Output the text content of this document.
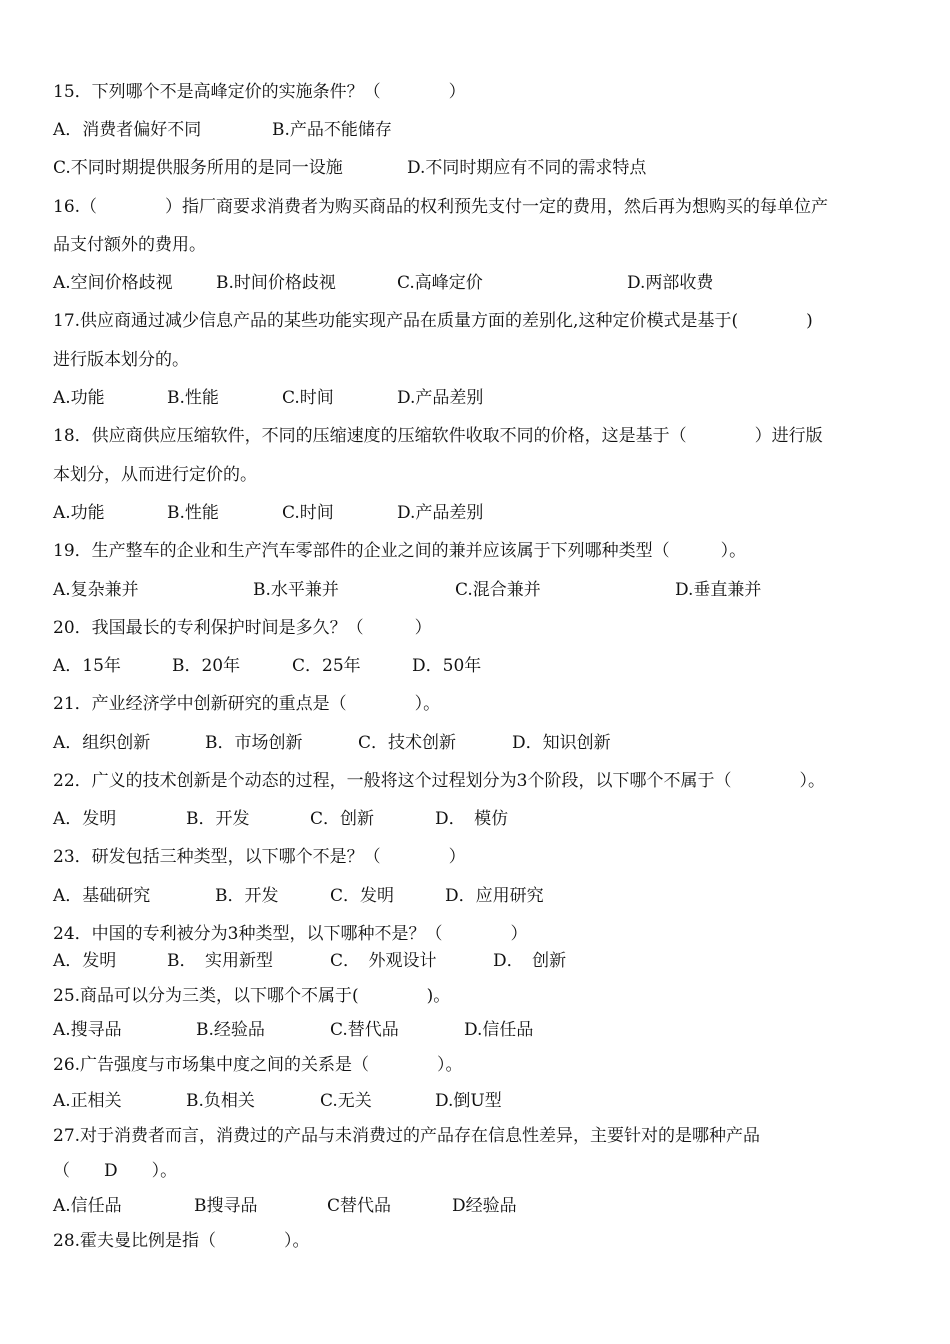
15．下列哪个不是高峰定价的实施条件？（　　　　）
A．消费者偏好不同	B.产品不能储存
C.不同时期提供服务所用的是同一设施	D.不同时期应有不同的需求特点
16.（　　　　）指厂商要求消费者为购买商品的权利预先支付一定的费用，然后再为想购买的每单位产
品支付额外的费用。
A.空间价格歧视	B.时间价格歧视	C.高峰定价	D.两部收费
17.供应商通过减少信息产品的某些功能实现产品在质量方面的差别化,这种定价模式是基于(　　　　)
进行版本划分的。
A.功能	B.性能	C.时间	D.产品差别
18．供应商供应压缩软件，不同的压缩速度的压缩软件收取不同的价格，这是基于（　　　　）进行版
本划分，从而进行定价的。
A.功能	B.性能	C.时间	D.产品差别
19．生产整车的企业和生产汽车零部件的企业之间的兼并应该属于下列哪种类型（　　　）。
A.复杂兼并	B.水平兼并	C.混合兼并	D.垂直兼并
20．我国最长的专利保护时间是多久？（　　　）
A．15年	B．20年	C．25年	D．50年
21．产业经济学中创新研究的重点是（　　　　）。
A．组织创新	B．市场创新	C．技术创新	D．知识创新
22．广义的技术创新是个动态的过程，一般将这个过程划分为3个阶段，以下哪个不属于（　　　　）。
A．发明	B．开发	C．创新	D．　模仿
23．研发包括三种类型，以下哪个不是？（　　　　）
A．基础研究	B．开发	C．发明	D．应用研究
24．中国的专利被分为3种类型，以下哪种不是？（　　　　）
A．发明	B．　实用新型	C．　外观设计	D．　创新
25.商品可以分为三类，以下哪个不属于(　　　　)。
A.搜寻品	B.经验品	C.替代品	D.信任品
26.广告强度与市场集中度之间的关系是（　　　　）。
A.正相关	B.负相关	C.无关	D.倒U型
27.对于消费者而言，消费过的产品与未消费过的产品存在信息性差异，主要针对的是哪种产品
（　　D　　）。
A.信任品	B搜寻品	C替代品	D经验品
28.霍夫曼比例是指（　　　　）。
